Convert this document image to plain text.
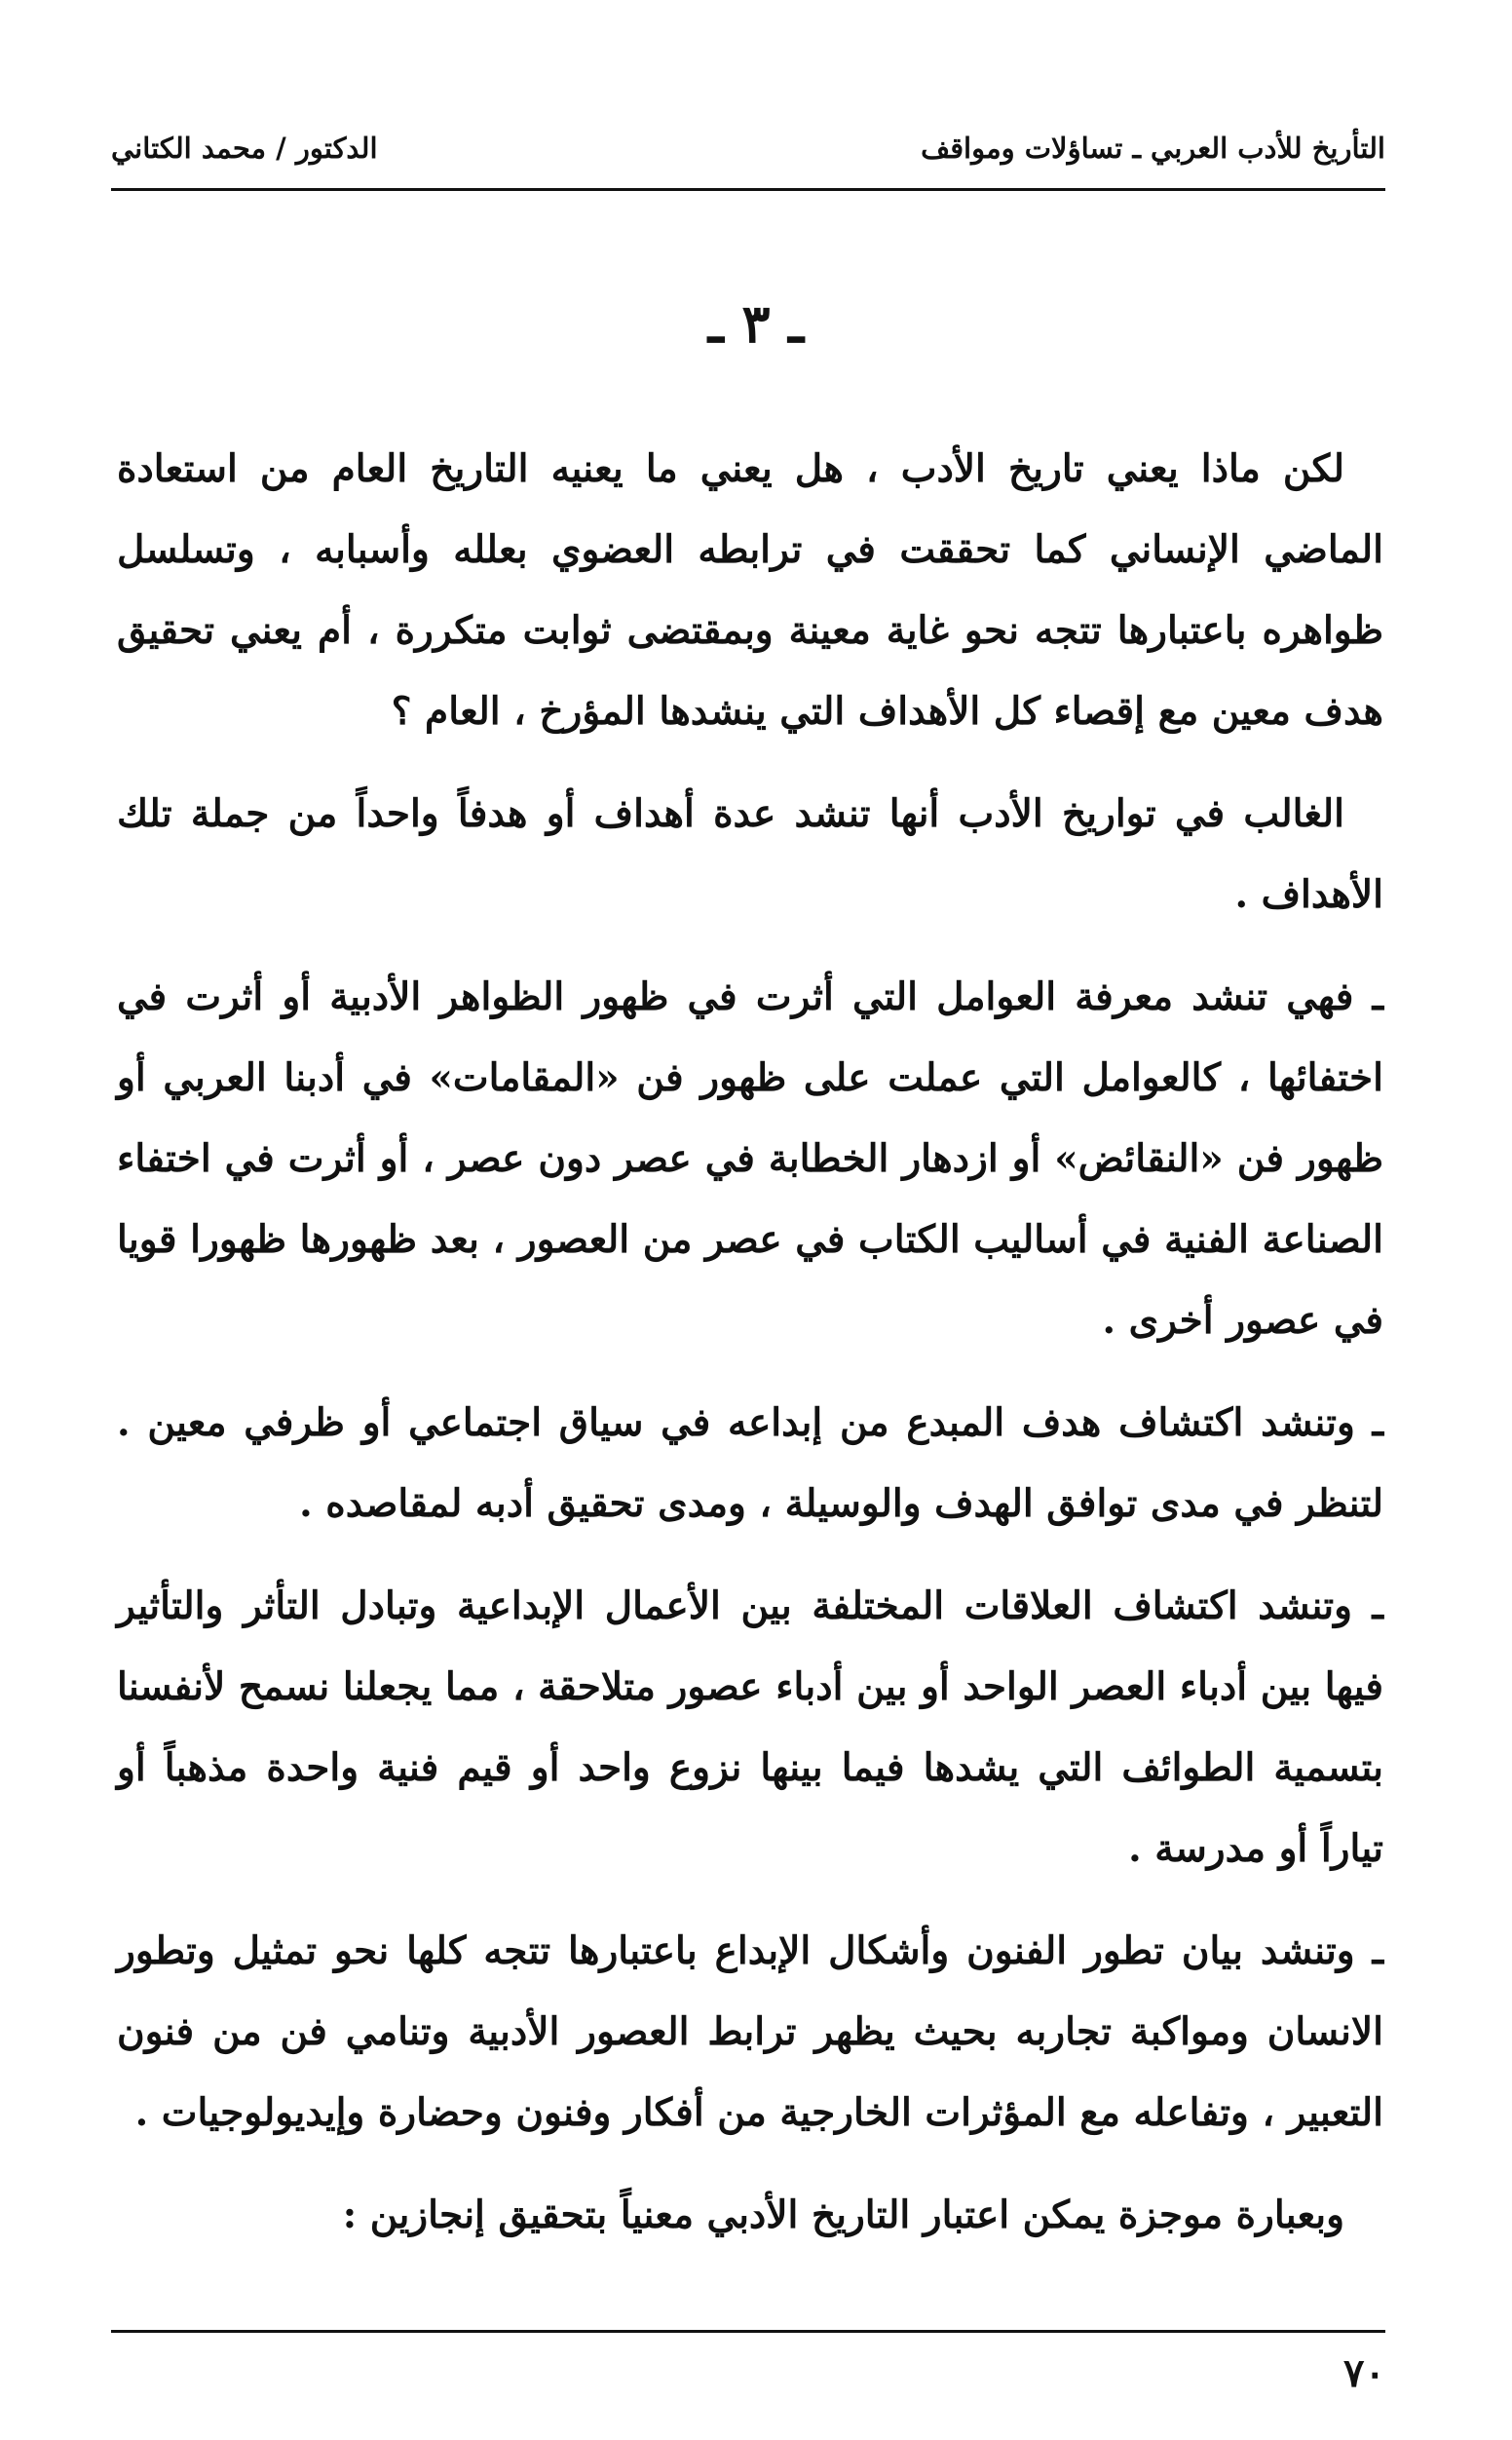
التأريخ للأدب العربي ـ تساؤلات ومواقف
الدكتور / محمد الكتاني
ـ ٣ ـ

لكن ماذا يعني تاريخ الأدب ، هل يعني ما يعنيه التاريخ العام من استعادة الماضي الإنساني كما تحققت في ترابطه العضوي بعلله وأسبابه ، وتسلسل ظواهره باعتبارها تتجه نحو غاية معينة وبمقتضى ثوابت متكررة ، أم يعني تحقيق هدف معين مع إقصاء كل الأهداف التي ينشدها المؤرخ ، العام ؟

الغالب في تواريخ الأدب أنها تنشد عدة أهداف أو هدفاً واحداً من جملة تلك الأهداف .

ـ فهي تنشد معرفة العوامل التي أثرت في ظهور الظواهر الأدبية أو أثرت في اختفائها ، كالعوامل التي عملت على ظهور فن «المقامات» في أدبنا العربي أو ظهور فن «النقائض» أو ازدهار الخطابة في عصر دون عصر ، أو أثرت في اختفاء الصناعة الفنية في أساليب الكتاب في عصر من العصور ، بعد ظهورها ظهورا قويا في عصور أخرى .

ـ وتنشد اكتشاف هدف المبدع من إبداعه في سياق اجتماعي أو ظرفي معين . لتنظر في مدى توافق الهدف والوسيلة ، ومدى تحقيق أدبه لمقاصده .

ـ وتنشد اكتشاف العلاقات المختلفة بين الأعمال الإبداعية وتبادل التأثر والتأثير فيها بين أدباء العصر الواحد أو بين أدباء عصور متلاحقة ، مما يجعلنا نسمح لأنفسنا بتسمية الطوائف التي يشدها فيما بينها نزوع واحد أو قيم فنية واحدة مذهباً أو تياراً أو مدرسة .

ـ وتنشد بيان تطور الفنون وأشكال الإبداع باعتبارها تتجه كلها نحو تمثيل وتطور الانسان ومواكبة تجاربه بحيث يظهر ترابط العصور الأدبية وتنامي فن من فنون التعبير ، وتفاعله مع المؤثرات الخارجية من أفكار وفنون وحضارة وإيديولوجيات .

وبعبارة موجزة يمكن اعتبار التاريخ الأدبي معنياً بتحقيق إنجازين :

٧٠
